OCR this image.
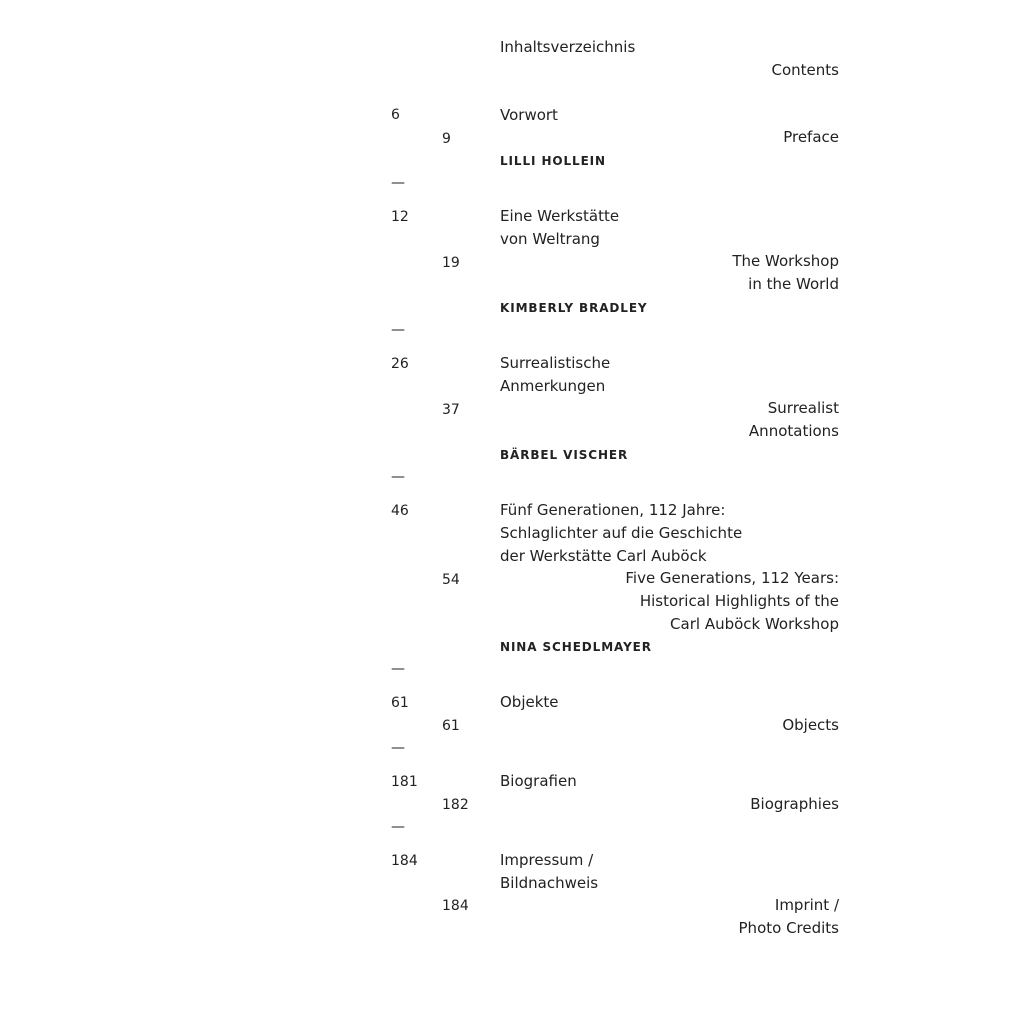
Inhaltsverzeichnis

Contents

6	Vorwort

9	Preface

LILLI HOLLEIN

—

12	Eine Werkstätte
von Weltrang

19	The Workshop
in the World

KIMBERLY BRADLEY

—

26	Surrealistische
Anmerkungen

37	Surrealist
Annotations

BÄRBEL VISCHER

—

46	Fünf Generationen, 112 Jahre:
Schlaglichter auf die Geschichte
der Werkstätte Carl Auböck

54	Five Generations, 112 Years:
Historical Highlights of the
Carl Auböck Workshop

NINA SCHEDLMAYER

—

61	Objekte

61	Objects

—

181	Biografien

182	Biographies

—

184	Impressum /
Bildnachweis

184	Imprint /
Photo Credits
